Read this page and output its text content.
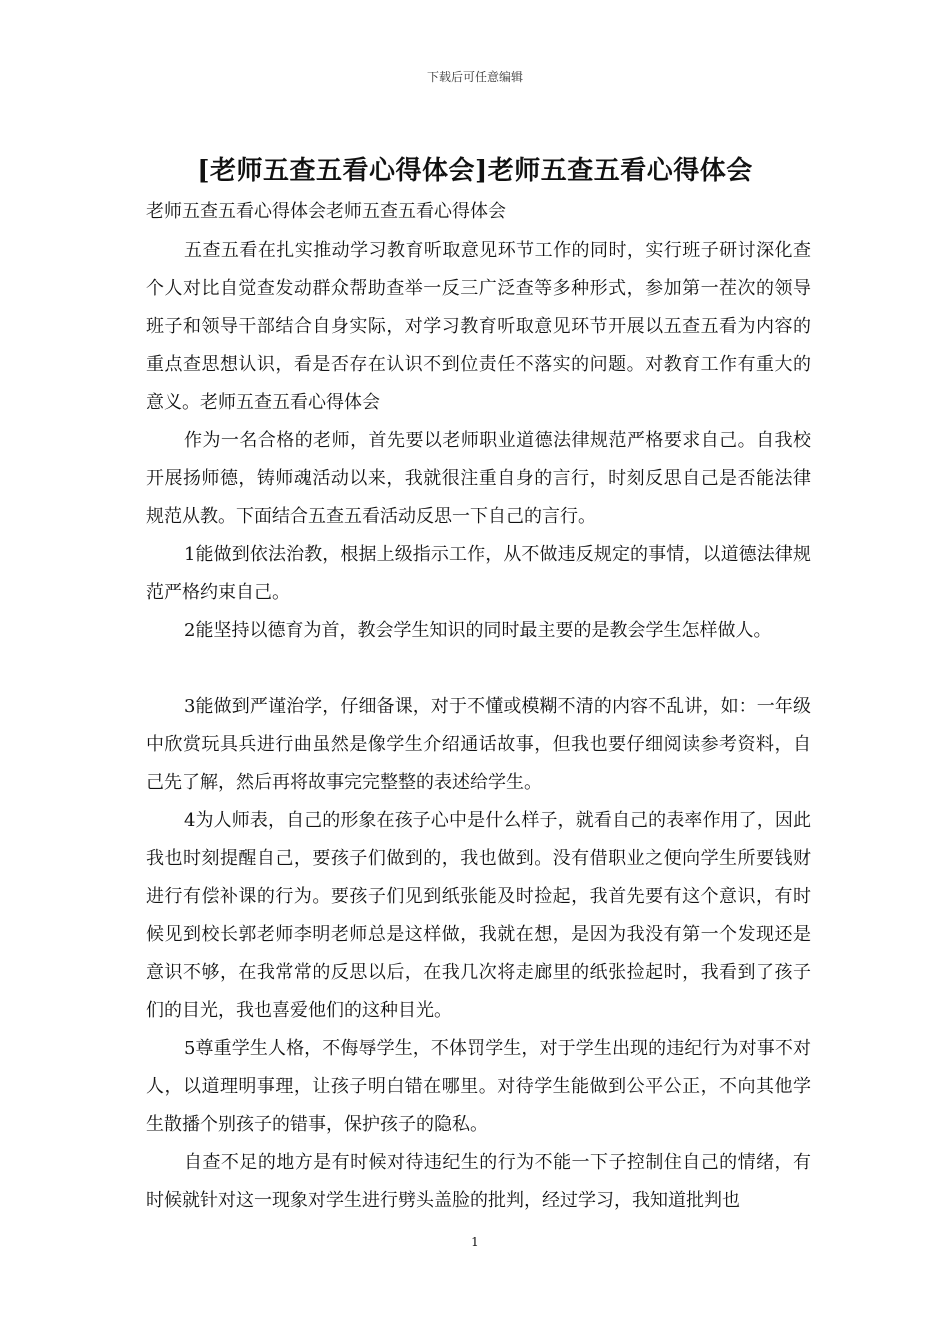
下载后可任意编辑
[老师五查五看心得体会]老师五查五看心得体会

老师五查五看心得体会老师五查五看心得体会

五查五看在扎实推动学习教育听取意见环节工作的同时，实行班子研讨深化查个人对比自觉查发动群众帮助查举一反三广泛查等多种形式，参加第一茬次的领导班子和领导干部结合自身实际，对学习教育听取意见环节开展以五查五看为内容的重点查思想认识，看是否存在认识不到位责任不落实的问题。对教育工作有重大的意义。老师五查五看心得体会

作为一名合格的老师，首先要以老师职业道德法律规范严格要求自己。自我校开展扬师德，铸师魂活动以来，我就很注重自身的言行，时刻反思自己是否能法律规范从教。下面结合五查五看活动反思一下自己的言行。

1能做到依法治教，根据上级指示工作，从不做违反规定的事情，以道德法律规范严格约束自己。

2能坚持以德育为首，教会学生知识的同时最主要的是教会学生怎样做人。

3能做到严谨治学，仔细备课，对于不懂或模糊不清的内容不乱讲，如：一年级中欣赏玩具兵进行曲虽然是像学生介绍通话故事，但我也要仔细阅读参考资料，自己先了解，然后再将故事完完整整的表述给学生。

4为人师表，自己的形象在孩子心中是什么样子，就看自己的表率作用了，因此我也时刻提醒自己，要孩子们做到的，我也做到。没有借职业之便向学生所要钱财进行有偿补课的行为。要孩子们见到纸张能及时捡起，我首先要有这个意识，有时候见到校长郭老师李明老师总是这样做，我就在想，是因为我没有第一个发现还是意识不够，在我常常的反思以后，在我几次将走廊里的纸张捡起时，我看到了孩子们的目光，我也喜爱他们的这种目光。

5尊重学生人格，不侮辱学生，不体罚学生，对于学生出现的违纪行为对事不对人，以道理明事理，让孩子明白错在哪里。对待学生能做到公平公正，不向其他学生散播个别孩子的错事，保护孩子的隐私。

自查不足的地方是有时候对待违纪生的行为不能一下子控制住自己的情绪，有时候就针对这一现象对学生进行劈头盖脸的批判，经过学习，我知道批判也

1
